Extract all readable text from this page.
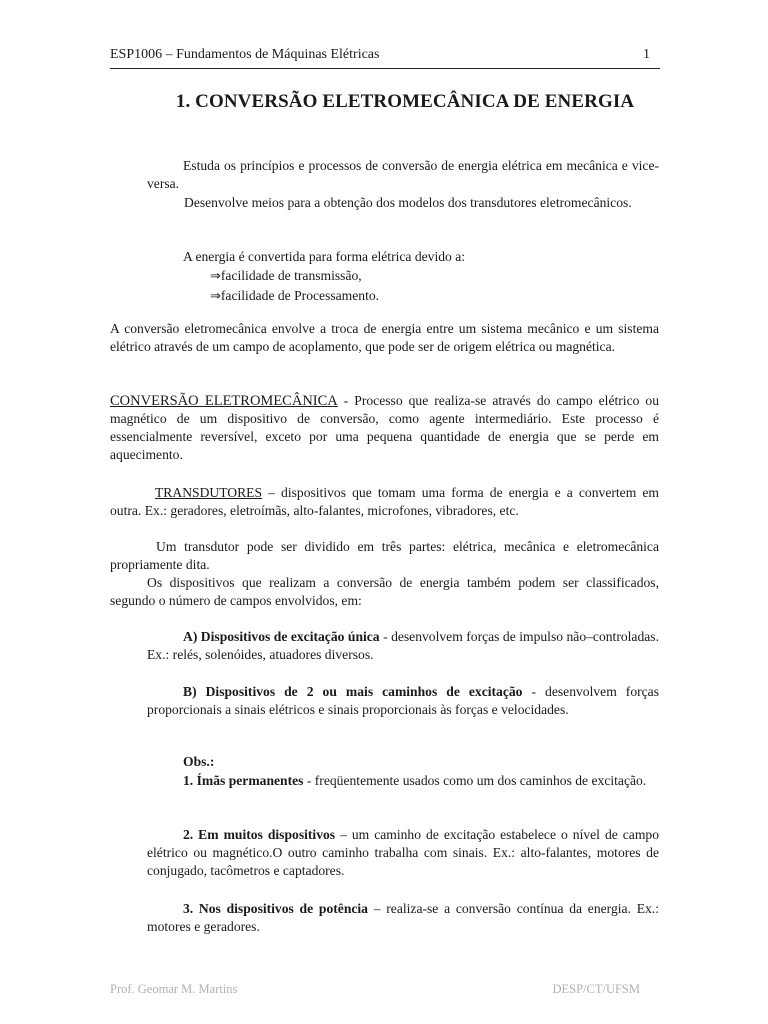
ESP1006 – Fundamentos de Máquinas Elétricas	1
1. CONVERSÃO ELETROMECÂNICA DE ENERGIA
Estuda os princípios e processos de conversão de energia elétrica em mecânica e vice-versa.
Desenvolve meios para a obtenção dos modelos dos transdutores eletromecânicos.
A energia é convertida para forma elétrica devido a:
⇒facilidade de transmissão,
⇒facilidade de Processamento.
A conversão eletromecânica envolve a troca de energia entre um sistema mecânico e um sistema elétrico através de um campo de acoplamento, que pode ser de origem elétrica ou magnética.
CONVERSÃO ELETROMECÂNICA - Processo que realiza-se através do campo elétrico ou magnético de um dispositivo de conversão, como agente intermediário. Este processo é essencialmente reversível, exceto por uma pequena quantidade de energia que se perde em aquecimento.
TRANSDUTORES – dispositivos que tomam uma forma de energia e a convertem em outra. Ex.: geradores, eletroímãs, alto-falantes, microfones, vibradores, etc.
Um transdutor pode ser dividido em três partes: elétrica, mecânica e eletromecânica propriamente dita.
Os dispositivos que realizam a conversão de energia também podem ser classificados, segundo o número de campos envolvidos, em:
A) Dispositivos de excitação única - desenvolvem forças de impulso não–controladas. Ex.: relés, solenóides, atuadores diversos.
B) Dispositivos de 2 ou mais caminhos de excitação - desenvolvem forças proporcionais a sinais elétricos e sinais proporcionais às forças e velocidades.
Obs.:
1. Ímãs permanentes - freqüentemente usados como um dos caminhos de excitação.
2. Em muitos dispositivos – um caminho de excitação estabelece o nível de campo elétrico ou magnético.O outro caminho trabalha com sinais. Ex.: alto-falantes, motores de conjugado, tacômetros e captadores.
3. Nos dispositivos de potência – realiza-se a conversão contínua da energia. Ex.: motores e geradores.
Prof. Geomar M. Martins	DESP/CT/UFSM
